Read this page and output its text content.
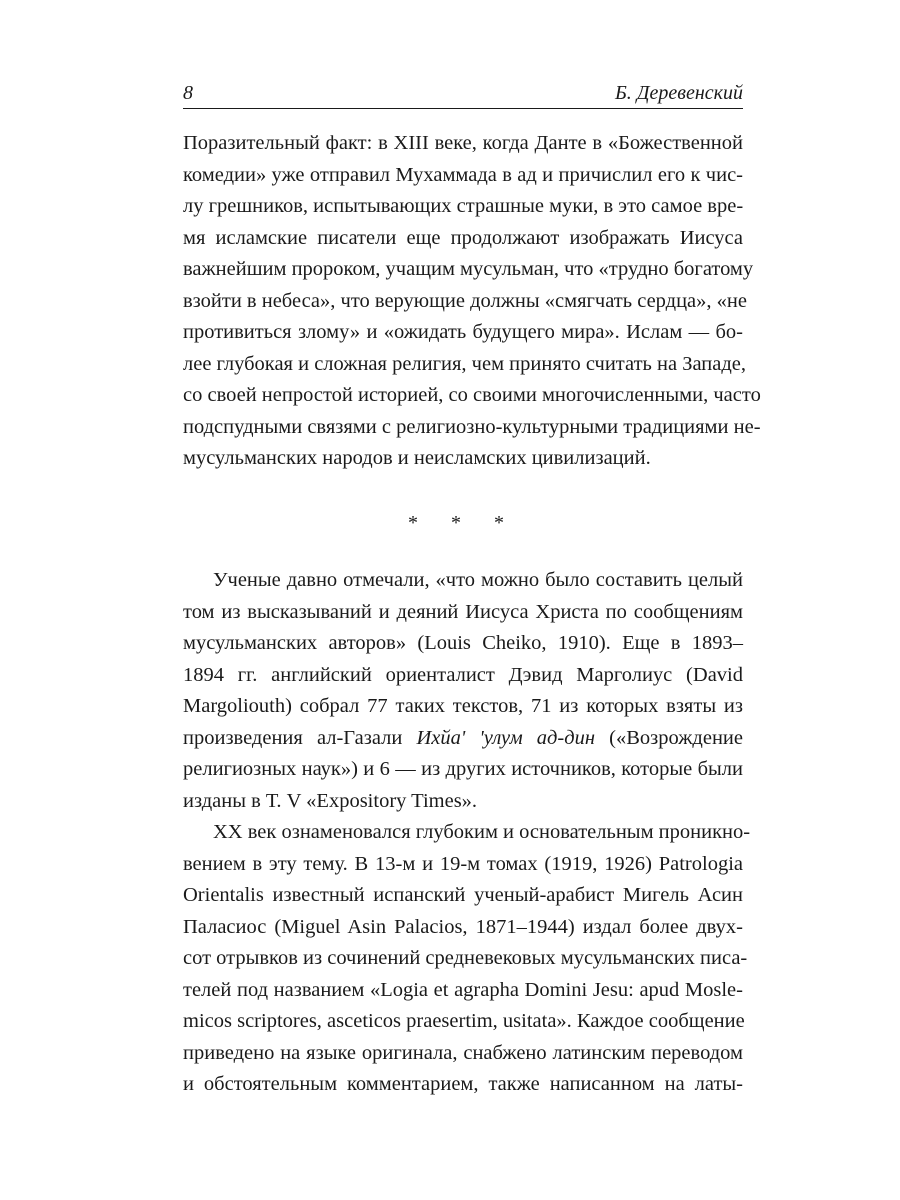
8	Б. Деревенский
Поразительный факт: в XIII веке, когда Данте в «Божественной
комедии» уже отправил Мухаммада в ад и причислил его к чис-
лу грешников, испытывающих страшные муки, в это самое вре-
мя исламские писатели еще продолжают изображать Иисуса
важнейшим пророком, учащим мусульман, что «трудно богатому
взойти в небеса», что верующие должны «смягчать сердца», «не
противиться злому» и «ожидать будущего мира». Ислам — бо-
лее глубокая и сложная религия, чем принято считать на Западе,
со своей непростой историей, со своими многочисленными, часто
подспудными связями с религиозно-культурными традициями не-
мусульманских народов и неисламских цивилизаций.
* * *
Ученые давно отмечали, «что можно было составить целый
том из высказываний и деяний Иисуса Христа по сообщениям
мусульманских авторов» (Louis Cheiko, 1910). Еще в 1893–
1894 гг. английский ориенталист Дэвид Марголиус (David
Margoliouth) собрал 77 таких текстов, 71 из которых взяты из
произведения ал-Газали Ихйа' 'улум ад-дин («Возрождение
религиозных наук») и 6 — из других источников, которые были
изданы в Т. V «Expository Times».
XX век ознаменовался глубоким и основательным проникно-
вением в эту тему. В 13-м и 19-м томах (1919, 1926) Patrologia
Orientalis известный испанский ученый-арабист Мигель Асин
Паласиос (Miguel Asin Palacios, 1871–1944) издал более двух-
сот отрывков из сочинений средневековых мусульманских писа-
телей под названием «Logia et agrapha Domini Jesu: apud Mosle-
micos scriptores, asceticos praesertim, usitata». Каждое сообщение
приведено на языке оригинала, снабжено латинским переводом
и обстоятельным комментарием, также написанном на латы-
